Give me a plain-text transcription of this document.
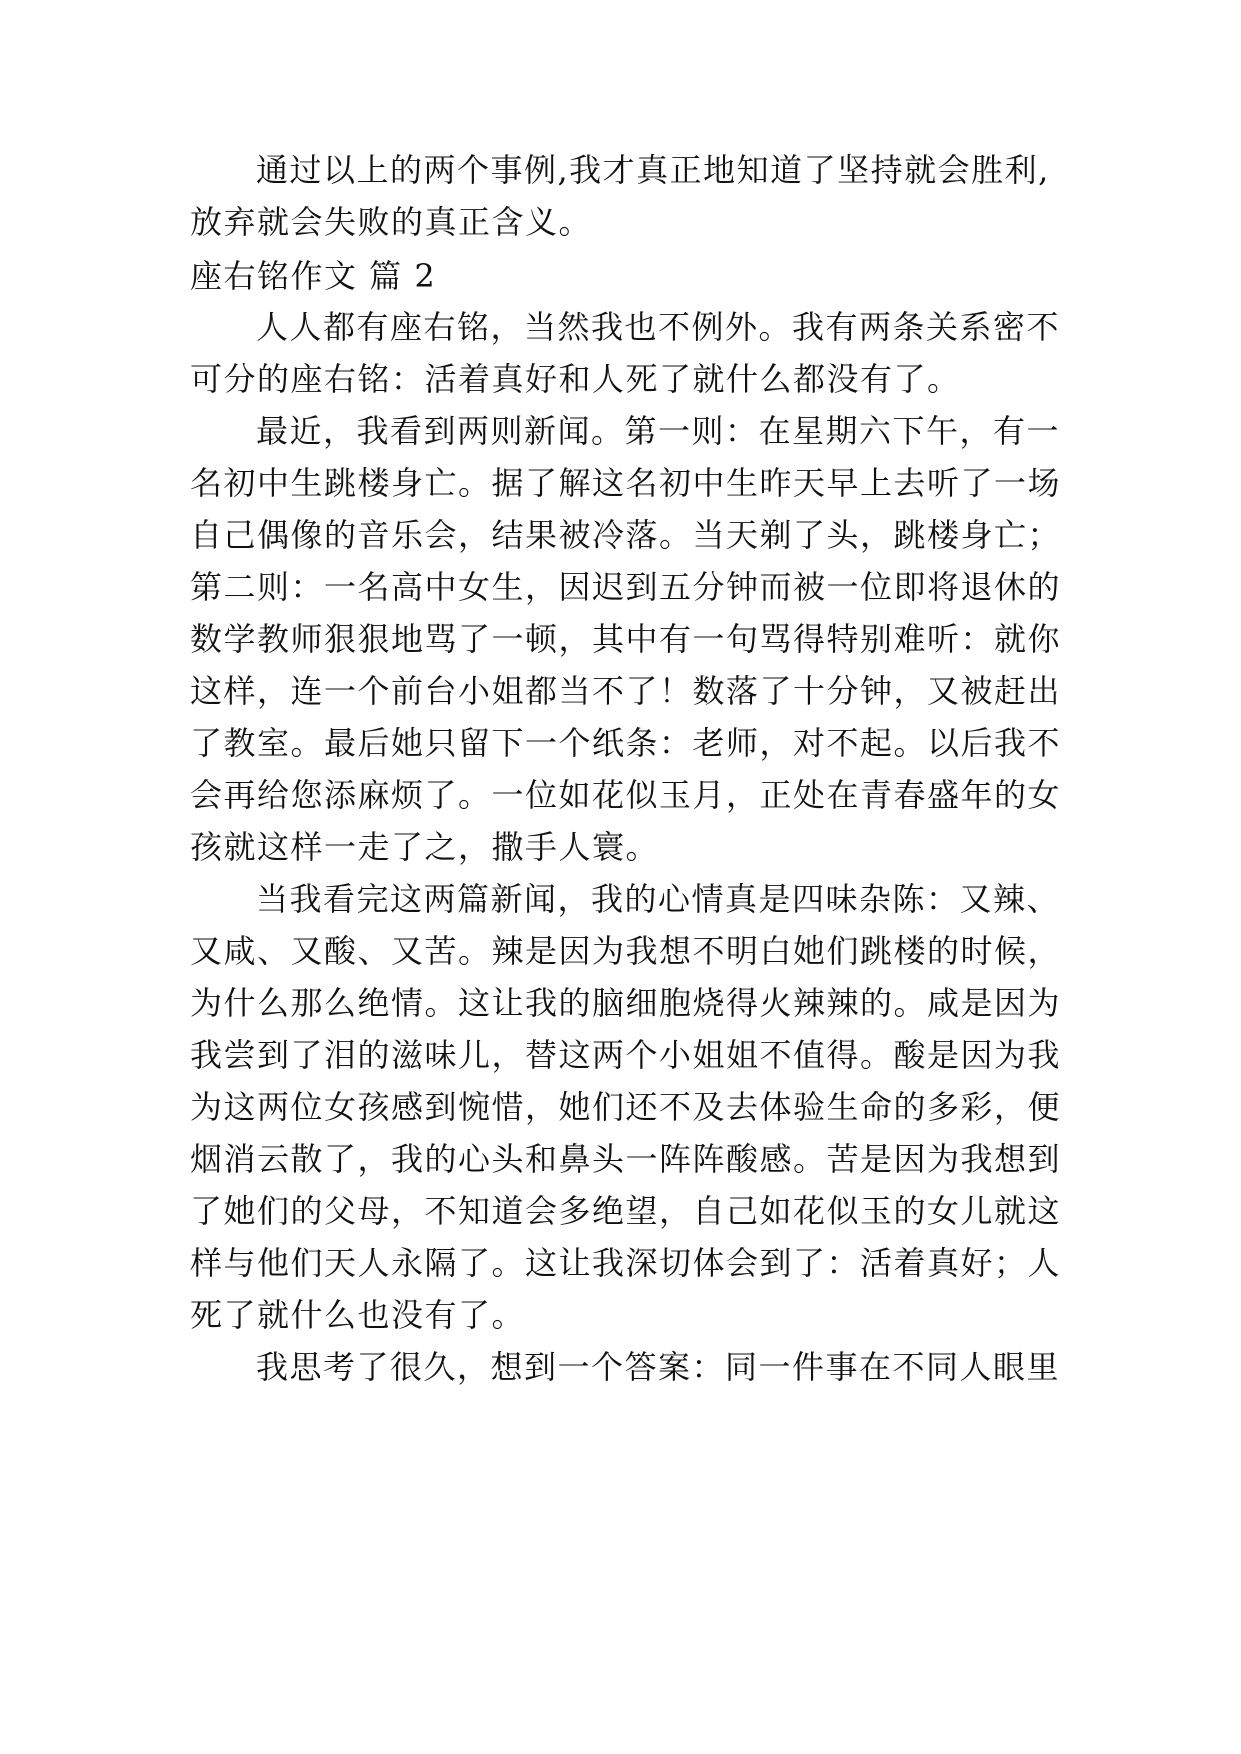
通过以上的两个事例,我才真正地知道了坚持就会胜利,
放弃就会失败的真正含义。
座右铭作文 篇 2
人人都有座右铭，当然我也不例外。我有两条关系密不
可分的座右铭：活着真好和人死了就什么都没有了。
最近，我看到两则新闻。第一则：在星期六下午，有一
名初中生跳楼身亡。据了解这名初中生昨天早上去听了一场
自己偶像的音乐会，结果被冷落。当天剃了头，跳楼身亡；
第二则：一名高中女生，因迟到五分钟而被一位即将退休的
数学教师狠狠地骂了一顿，其中有一句骂得特别难听：就你
这样，连一个前台小姐都当不了！数落了十分钟，又被赶出
了教室。最后她只留下一个纸条：老师，对不起。以后我不
会再给您添麻烦了。一位如花似玉月，正处在青春盛年的女
孩就这样一走了之，撒手人寰。
当我看完这两篇新闻，我的心情真是四味杂陈：又辣、
又咸、又酸、又苦。辣是因为我想不明白她们跳楼的时候，
为什么那么绝情。这让我的脑细胞烧得火辣辣的。咸是因为
我尝到了泪的滋味儿，替这两个小姐姐不值得。酸是因为我
为这两位女孩感到惋惜，她们还不及去体验生命的多彩，便
烟消云散了，我的心头和鼻头一阵阵酸感。苦是因为我想到
了她们的父母，不知道会多绝望，自己如花似玉的女儿就这
样与他们天人永隔了。这让我深切体会到了：活着真好；人
死了就什么也没有了。
我思考了很久，想到一个答案：同一件事在不同人眼里
